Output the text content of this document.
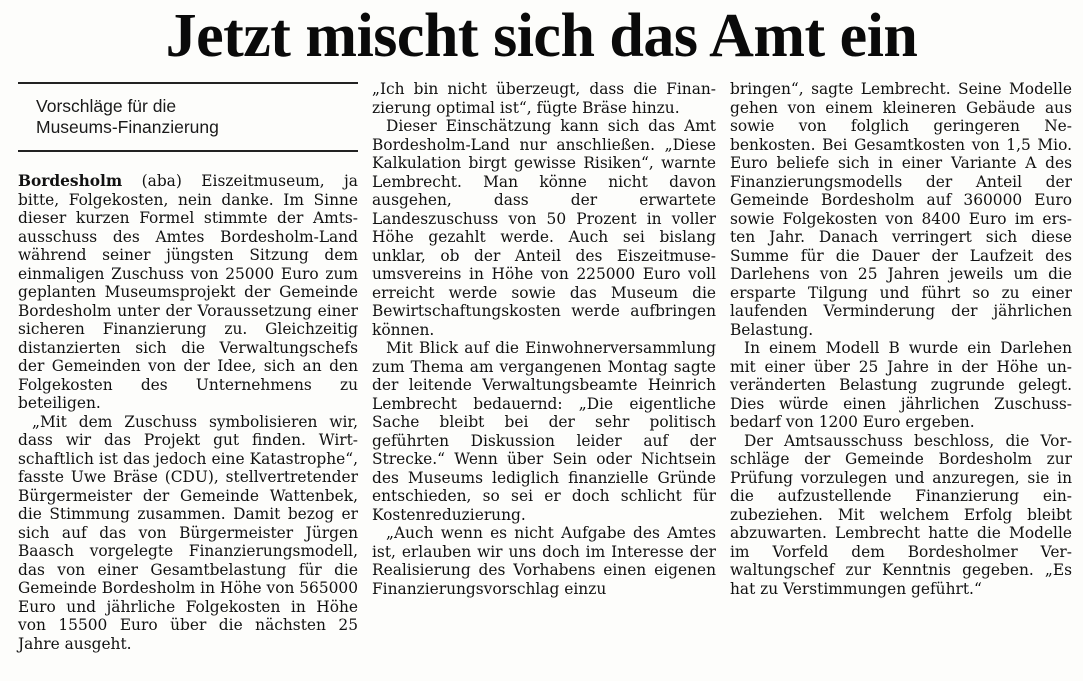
Jetzt mischt sich das Amt ein
Vorschläge für die
Museums-Finanzierung

Bordesholm (aba) Eiszeitmuseum, ja bitte, Folgekosten, nein danke. Im Sinne dieser kurzen Formel stimmte der Amtsausschuss des Amtes Bordesholm-Land während seiner jüngsten Sitzung dem einmaligen Zuschuss von 25000 Euro zum geplanten Museumsprojekt der Gemeinde Bordesholm unter der Voraussetzung einer sicheren Finanzierung zu. Gleichzeitig distanzierten sich die Verwaltungschefs der Gemeinden von der Idee, sich an den Folgekosten des Unternehmens zu beteiligen.

„Mit dem Zuschuss symbolisieren wir, dass wir das Projekt gut finden. Wirtschaftlich ist das jedoch eine Katastrophe“, fasste Uwe Bräse (CDU), stellvertretender Bürgermeister der Gemeinde Wattenbek, die Stimmung zusammen. Damit bezog er sich auf das von Bürgermeister Jürgen Baasch vorgelegte Finanzierungsmodell, das von einer Gesamtbelastung für die Gemeinde Bordesholm in Höhe von 565000 Euro und jährliche Folgekosten in Höhe von 15500 Euro über die nächsten 25 Jahre ausgeht.

„Ich bin nicht überzeugt, dass die Finanzierung optimal ist“, fügte Bräse hinzu.

Dieser Einschätzung kann sich das Amt Bordesholm-Land nur anschließen. „Diese Kalkulation birgt gewisse Risiken“, warnte Lembrecht. Man könne nicht davon ausgehen, dass der erwartete Landeszuschuss von 50 Prozent in voller Höhe gezahlt werde. Auch sei bislang unklar, ob der Anteil des Eiszeitmuseumsvereins in Höhe von 225000 Euro voll erreicht werde sowie das Museum die Bewirtschaftungskosten werde aufbringen können.

Mit Blick auf die Einwohnerversammlung zum Thema am vergangenen Montag sagte der leitende Verwaltungsbeamte Heinrich Lembrecht bedauernd: „Die eigentliche Sache bleibt bei der sehr politisch geführten Diskussion leider auf der Strecke.“ Wenn über Sein oder Nichtsein des Museums lediglich finanzielle Gründe entschieden, so sei er doch schlicht für Kostenreduzierung.

„Auch wenn es nicht Aufgabe des Amtes ist, erlauben wir uns doch im Interesse der Realisierung des Vorhabens einen eigenen Finanzierungsvorschlag einzu

bringen“, sagte Lembrecht. Seine Modelle gehen von einem kleineren Gebäude aus sowie von folglich geringeren Nebenkosten. Bei Gesamtkosten von 1,5 Mio. Euro beliefe sich in einer Variante A des Finanzierungsmodells der Anteil der Gemeinde Bordesholm auf 360000 Euro sowie Folgekosten von 8400 Euro im ersten Jahr. Danach verringert sich diese Summe für die Dauer der Laufzeit des Darlehens von 25 Jahren jeweils um die ersparte Tilgung und führt so zu einer laufenden Verminderung der jährlichen Belastung.

In einem Modell B wurde ein Darlehen mit einer über 25 Jahre in der Höhe unveränderten Belastung zugrunde gelegt. Dies würde einen jährlichen Zuschussbedarf von 1200 Euro ergeben.

Der Amtsausschuss beschloss, die Vorschläge der Gemeinde Bordesholm zur Prüfung vorzulegen und anzuregen, sie in die aufzustellende Finanzierung einzubeziehen. Mit welchem Erfolg bleibt abzuwarten. Lembrecht hatte die Modelle im Vorfeld dem Bordesholmer Verwaltungschef zur Kenntnis gegeben. „Es hat zu Verstimmungen geführt.“
